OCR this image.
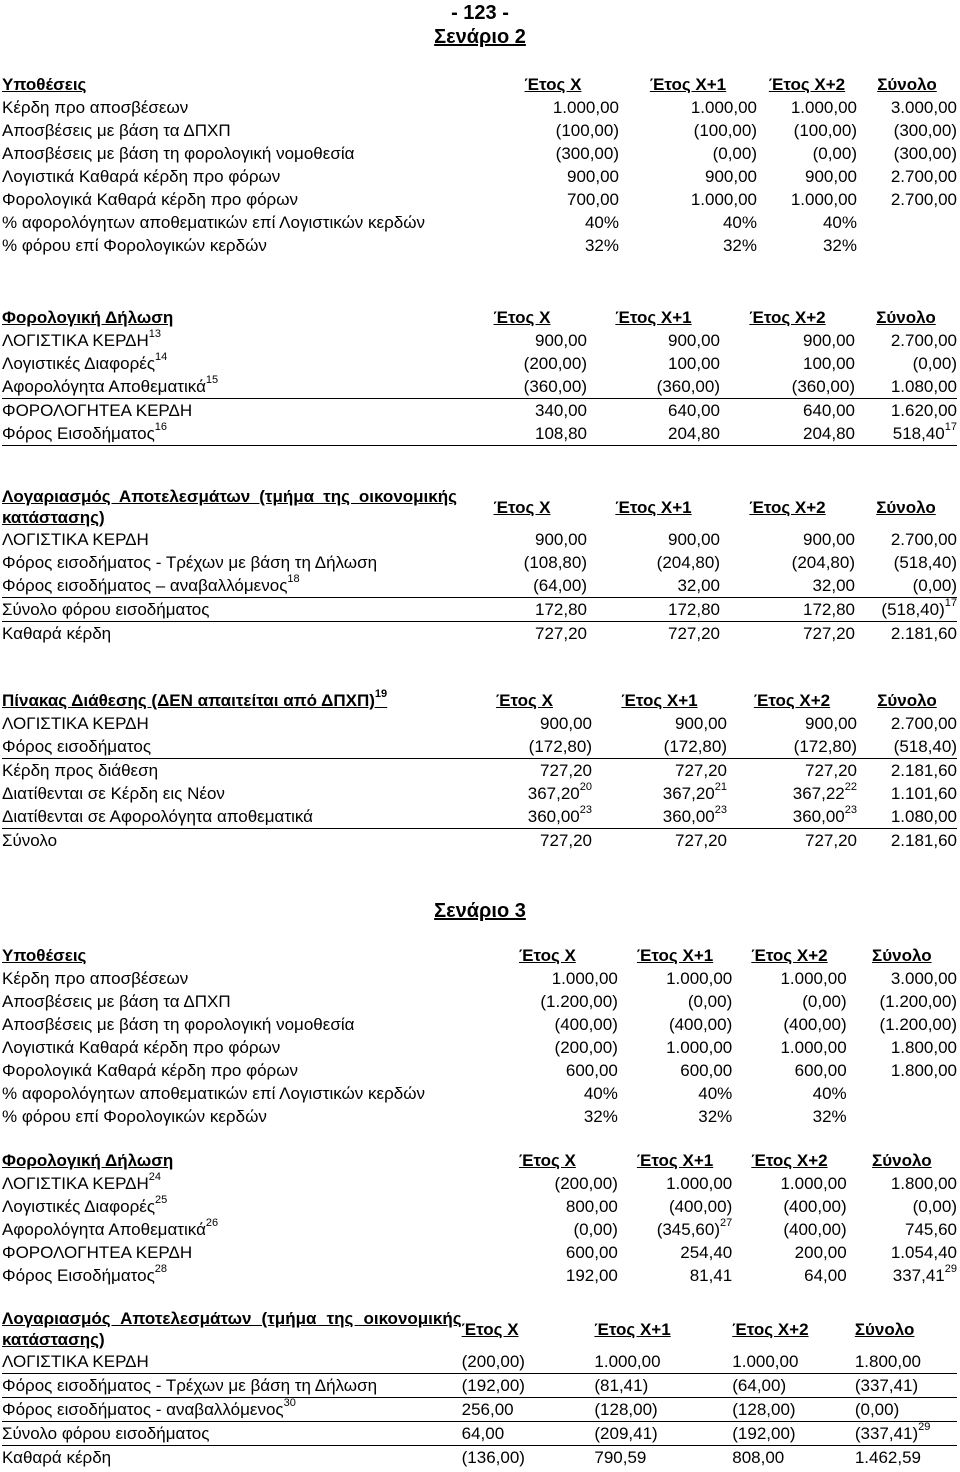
- 123 -
Σενάριο 2
Υποθέσεις	Έτος Χ	Έτος Χ+1	Έτος Χ+2	Σύνολο
Κέρδη προ αποσβέσεων	1.000,00	1.000,00	1.000,00	3.000,00
Αποσβέσεις με βάση τα ΔΠΧΠ	(100,00)	(100,00)	(100,00)	(300,00)
Αποσβέσεις με βάση τη φορολογική νομοθεσία	(300,00)	(0,00)	(0,00)	(300,00)
Λογιστικά Καθαρά κέρδη προ φόρων	900,00	900,00	900,00	2.700,00
Φορολογικά Καθαρά κέρδη προ φόρων	700,00	1.000,00	1.000,00	2.700,00
% αφορολόγητων αποθεματικών επί Λογιστικών κερδών	40%	40%	40%	
% φόρου επί Φορολογικών κερδών	32%	32%	32%	
Φορολογική Δήλωση	Έτος Χ	Έτος Χ+1	Έτος Χ+2	Σύνολο
ΛΟΓΙΣΤΙΚΑ ΚΕΡΔΗ$^{13}$	900,00	900,00	900,00	2.700,00
Λογιστικές Διαφορές$^{14}$	(200,00)	100,00	100,00	(0,00)
Αφορολόγητα Αποθεματικά$^{15}$	(360,00)	(360,00)	(360,00)	1.080,00
ΦΟΡΟΛΟΓΗΤΕΑ ΚΕΡΔΗ	340,00	640,00	640,00	1.620,00
Φόρος Εισοδήματος$^{16}$	108,80	204,80	204,80	518,40$^{17}$
Λογαριασμός Αποτελεσμάτων (τμήμα της οικονομικής κατάστασης)	Έτος Χ	Έτος Χ+1	Έτος Χ+2	Σύνολο
ΛΟΓΙΣΤΙΚΑ ΚΕΡΔΗ	900,00	900,00	900,00	2.700,00
Φόρος εισοδήματος - Τρέχων με βάση τη Δήλωση	(108,80)	(204,80)	(204,80)	(518,40)
Φόρος εισοδήματος – αναβαλλόμενος$^{18}$	(64,00)	32,00	32,00	(0,00)
Σύνολο φόρου εισοδήματος	172,80	172,80	172,80	$(518,40)^{17}$
Καθαρά κέρδη	727,20	727,20	727,20	2.181,60
Πίνακας Διάθεσης (ΔΕΝ απαιτείται από ΔΠΧΠ)$^{19}$	Έτος Χ	Έτος Χ+1	Έτος Χ+2	Σύνολο
ΛΟΓΙΣΤΙΚΑ ΚΕΡΔΗ	900,00	900,00	900,00	2.700,00
Φόρος εισοδήματος	(172,80)	(172,80)	(172,80)	(518,40)
Κέρδη προς διάθεση	727,20	727,20	727,20	2.181,60
Διατίθενται σε Κέρδη εις Νέον	367,20$^{20}$	367,20$^{21}$	367,22$^{22}$	1.101,60
Διατίθενται σε Αφορολόγητα αποθεματικά	360,00$^{23}$	360,00$^{23}$	360,00$^{23}$	1.080,00
Σύνολο	727,20	727,20	727,20	2.181,60
Σενάριο 3
Υποθέσεις	Έτος Χ	Έτος Χ+1	Έτος Χ+2	Σύνολο
Κέρδη προ αποσβέσεων	1.000,00	1.000,00	1.000,00	3.000,00
Αποσβέσεις με βάση τα ΔΠΧΠ	(1.200,00)	(0,00)	(0,00)	(1.200,00)
Αποσβέσεις με βάση τη φορολογική νομοθεσία	(400,00)	(400,00)	(400,00)	(1.200,00)
Λογιστικά Καθαρά κέρδη προ φόρων	(200,00)	1.000,00	1.000,00	1.800,00
Φορολογικά Καθαρά κέρδη προ φόρων	600,00	600,00	600,00	1.800,00
% αφορολόγητων αποθεματικών επί Λογιστικών κερδών	40%	40%	40%	
% φόρου επί Φορολογικών κερδών	32%	32%	32%	
Φορολογική Δήλωση	Έτος Χ	Έτος Χ+1	Έτος Χ+2	Σύνολο
ΛΟΓΙΣΤΙΚΑ ΚΕΡΔΗ$^{24}$	(200,00)	1.000,00	1.000,00	1.800,00
Λογιστικές Διαφορές$^{25}$	800,00	(400,00)	(400,00)	(0,00)
Αφορολόγητα Αποθεματικά$^{26}$	(0,00)	$(345,60)^{27}$	(400,00)	745,60
ΦΟΡΟΛΟΓΗΤΕΑ ΚΕΡΔΗ	600,00	254,40	200,00	1.054,40
Φόρος Εισοδήματος$^{28}$	192,00	81,41	64,00	337,41$^{29}$
Λογαριασμός Αποτελεσμάτων (τμήμα της οικονομικής κατάστασης)	Έτος Χ	Έτος Χ+1	Έτος Χ+2	Σύνολο
ΛΟΓΙΣΤΙΚΑ ΚΕΡΔΗ	(200,00)	1.000,00	1.000,00	1.800,00
Φόρος εισοδήματος - Τρέχων με βάση τη Δήλωση	(192,00)	(81,41)	(64,00)	(337,41)
Φόρος εισοδήματος - αναβαλλόμενος$^{30}$	256,00	(128,00)	(128,00)	(0,00)
Σύνολο φόρου εισοδήματος	64,00	(209,41)	(192,00)	$(337,41)^{29}$
Καθαρά κέρδη	(136,00)	790,59	808,00	1.462,59
